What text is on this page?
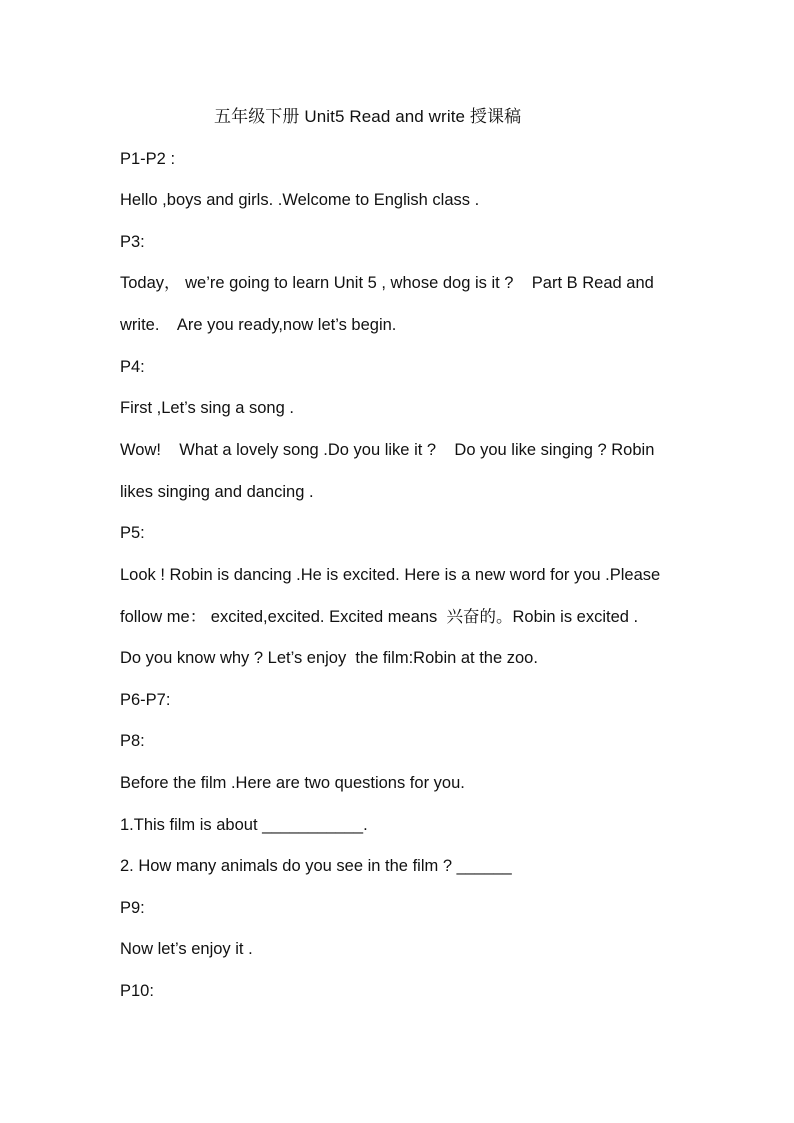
五年级下册 Unit5 Read and write 授课稿
P1-P2 :
Hello ,boys and girls. .Welcome to English class .
P3:
Today， we’re going to learn Unit 5 , whose dog is it ?    Part B Read and
write.    Are you ready,now let’s begin.
P4:
First ,Let’s sing a song .
Wow!    What a lovely song .Do you like it ?    Do you like singing ? Robin
likes singing and dancing .
P5:
Look ! Robin is dancing .He is excited. Here is a new word for you .Please
follow me： excited,excited. Excited means  兴奋的。Robin is excited .
Do you know why ? Let’s enjoy  the film:Robin at the zoo.
P6-P7:
P8:
Before the film .Here are two questions for you.
1.This film is about ___________.
2. How many animals do you see in the film ? ______
P9:
Now let’s enjoy it .
P10:
